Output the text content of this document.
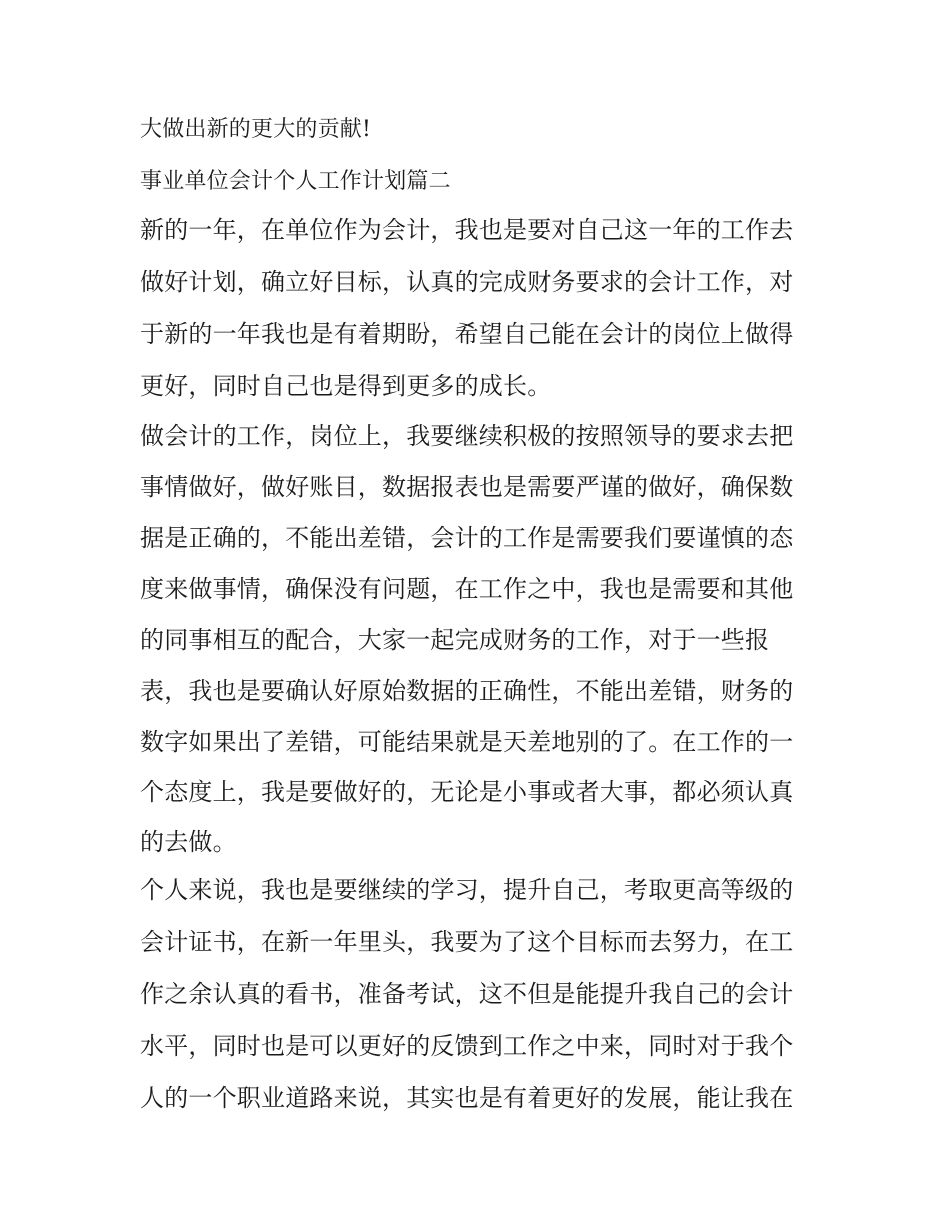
大做出新的更大的贡献!
事业单位会计个人工作计划篇二
新的一年，在单位作为会计，我也是要对自己这一年的工作去
做好计划，确立好目标，认真的完成财务要求的会计工作，对
于新的一年我也是有着期盼，希望自己能在会计的岗位上做得
更好，同时自己也是得到更多的成长。
做会计的工作，岗位上，我要继续积极的按照领导的要求去把
事情做好，做好账目，数据报表也是需要严谨的做好，确保数
据是正确的，不能出差错，会计的工作是需要我们要谨慎的态
度来做事情，确保没有问题，在工作之中，我也是需要和其他
的同事相互的配合，大家一起完成财务的工作，对于一些报
表，我也是要确认好原始数据的正确性，不能出差错，财务的
数字如果出了差错，可能结果就是天差地别的了。在工作的一
个态度上，我是要做好的，无论是小事或者大事，都必须认真
的去做。
个人来说，我也是要继续的学习，提升自己，考取更高等级的
会计证书，在新一年里头，我要为了这个目标而去努力，在工
作之余认真的看书，准备考试，这不但是能提升我自己的会计
水平，同时也是可以更好的反馈到工作之中来，同时对于我个
人的一个职业道路来说，其实也是有着更好的发展，能让我在
